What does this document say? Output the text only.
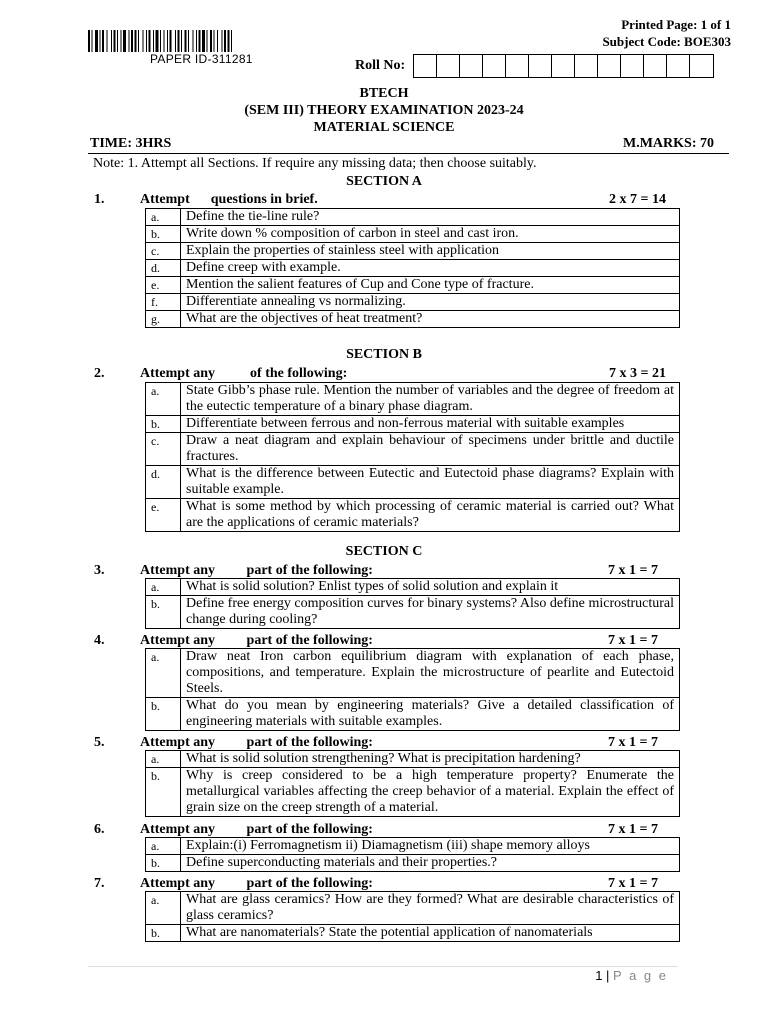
PAPER ID-311281
Printed Page: 1 of 1
Subject Code: BOE303
Roll No:
BTECH
(SEM III) THEORY EXAMINATION 2023-24
MATERIAL SCIENCE
TIME: 3HRS	M.MARKS: 70
Note: 1. Attempt all Sections. If require any missing data; then choose suitably.
SECTION A
1.	Attempt      questions in brief.	2 x 7 = 14
a.	Define the tie-line rule?
b.	Write down % composition of carbon in steel and cast iron.
c.	Explain the properties of stainless steel with application
d.	Define creep with example.
e.	Mention the salient features of Cup and Cone type of fracture.
f.	Differentiate annealing vs normalizing.
g.	What are the objectives of heat treatment?
SECTION B
2.	Attempt any          of the following:	7 x 3 = 21
a.	State Gibb’s phase rule. Mention the number of variables and the degree of freedom at the eutectic temperature of a binary phase diagram.
b.	Differentiate between ferrous and non-ferrous material with suitable examples
c.	Draw a neat diagram and explain behaviour of specimens under brittle and ductile fractures.
d.	What is the difference between Eutectic and Eutectoid phase diagrams? Explain with suitable example.
e.	What is some method by which processing of ceramic material is carried out? What are the applications of ceramic materials?
SECTION C
3.	Attempt any         part of the following:	7 x 1 = 7
a.	What is solid solution? Enlist types of solid solution and explain it
b.	Define free energy composition curves for binary systems? Also define microstructural change during cooling?
4.	Attempt any         part of the following:	7 x 1 = 7
a.	Draw neat Iron carbon equilibrium diagram with explanation of each phase, compositions, and temperature. Explain the microstructure of pearlite and Eutectoid Steels.
b.	What do you mean by engineering materials? Give a detailed classification of engineering materials with suitable examples.
5.	Attempt any         part of the following:	7 x 1 = 7
a.	What is solid solution strengthening? What is precipitation hardening?
b.	Why is creep considered to be a high temperature property? Enumerate the metallurgical variables affecting the creep behavior of a material. Explain the effect of grain size on the creep strength of a material.
6.	Attempt any         part of the following:	7 x 1 = 7
a.	Explain:(i) Ferromagnetism ii) Diamagnetism (iii) shape memory alloys
b.	Define superconducting materials and their properties.?
7.	Attempt any         part of the following:	7 x 1 = 7
a.	What are glass ceramics? How are they formed? What are desirable characteristics of glass ceramics?
b.	What are nanomaterials? State the potential application of nanomaterials
1 | P a g e
